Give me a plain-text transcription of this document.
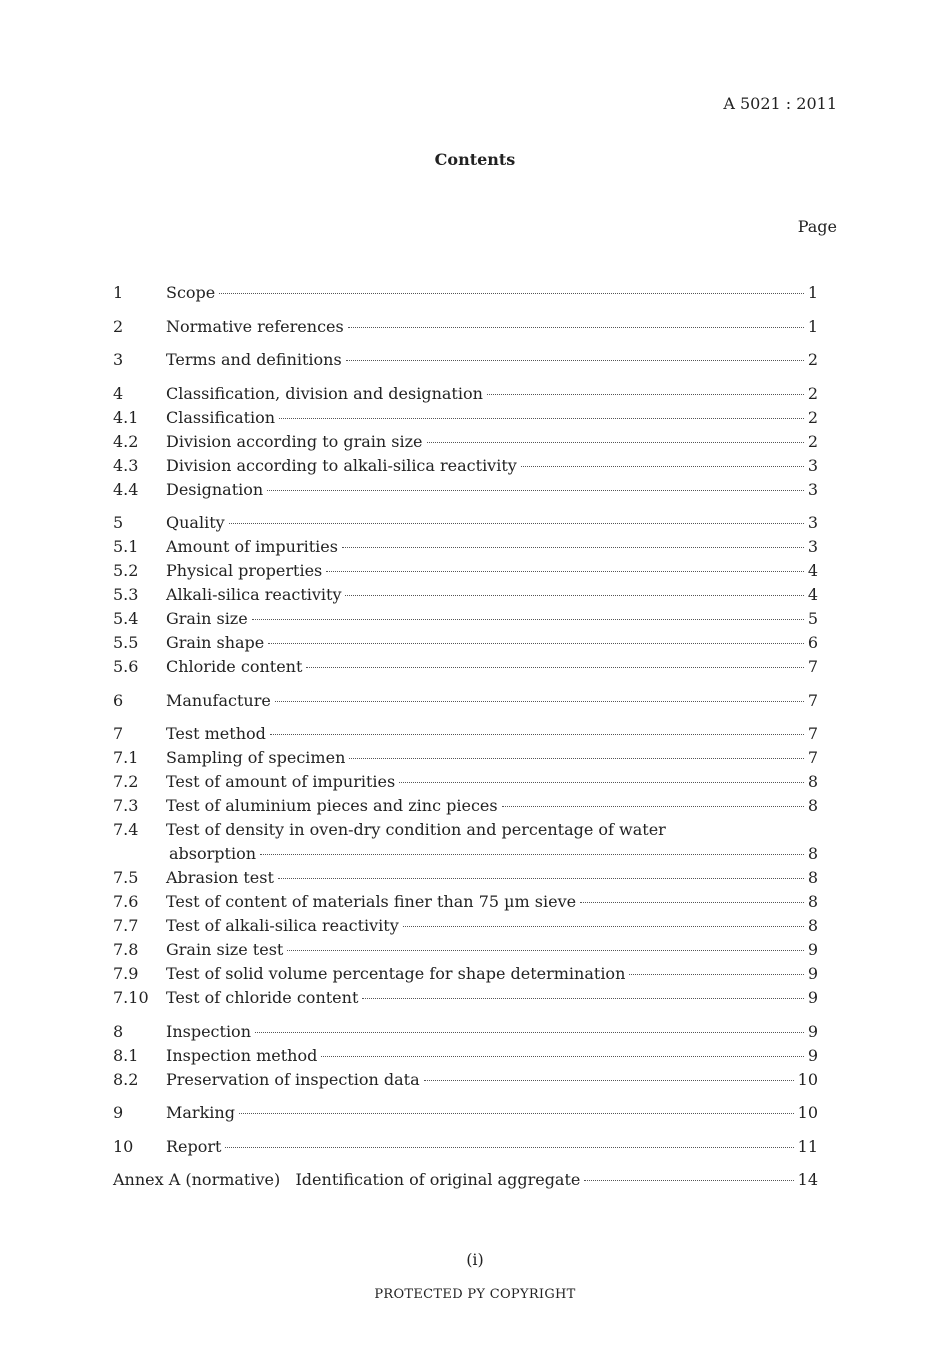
A 5021 : 2011
Contents
Page
1	Scope	1
2	Normative references	1
3	Terms and definitions	2
4	Classification, division and designation	2
4.1 Classification	2
4.2 Division according to grain size	2
4.3 Division according to alkali-silica reactivity	3
4.4 Designation	3
5	Quality	3
5.1 Amount of impurities	3
5.2 Physical properties	4
5.3 Alkali-silica reactivity	4
5.4 Grain size	5
5.5 Grain shape	6
5.6 Chloride content	7
6	Manufacture	7
7	Test method	7
7.1 Sampling of specimen	7
7.2 Test of amount of impurities	8
7.3 Test of aluminium pieces and zinc pieces	8
7.4 Test of density in oven-dry condition and percentage of water
absorption	8
7.5 Abrasion test	8
7.6 Test of content of materials finer than 75 µm sieve	8
7.7 Test of alkali-silica reactivity	8
7.8 Grain size test	9
7.9 Test of solid volume percentage for shape determination	9
7.10 Test of chloride content	9
8	Inspection	9
8.1 Inspection method	9
8.2 Preservation of inspection data	10
9	Marking	10
10 Report	11
Annex A (normative)   Identification of original aggregate	14
(i)
PROTECTED PY COPYRIGHT
